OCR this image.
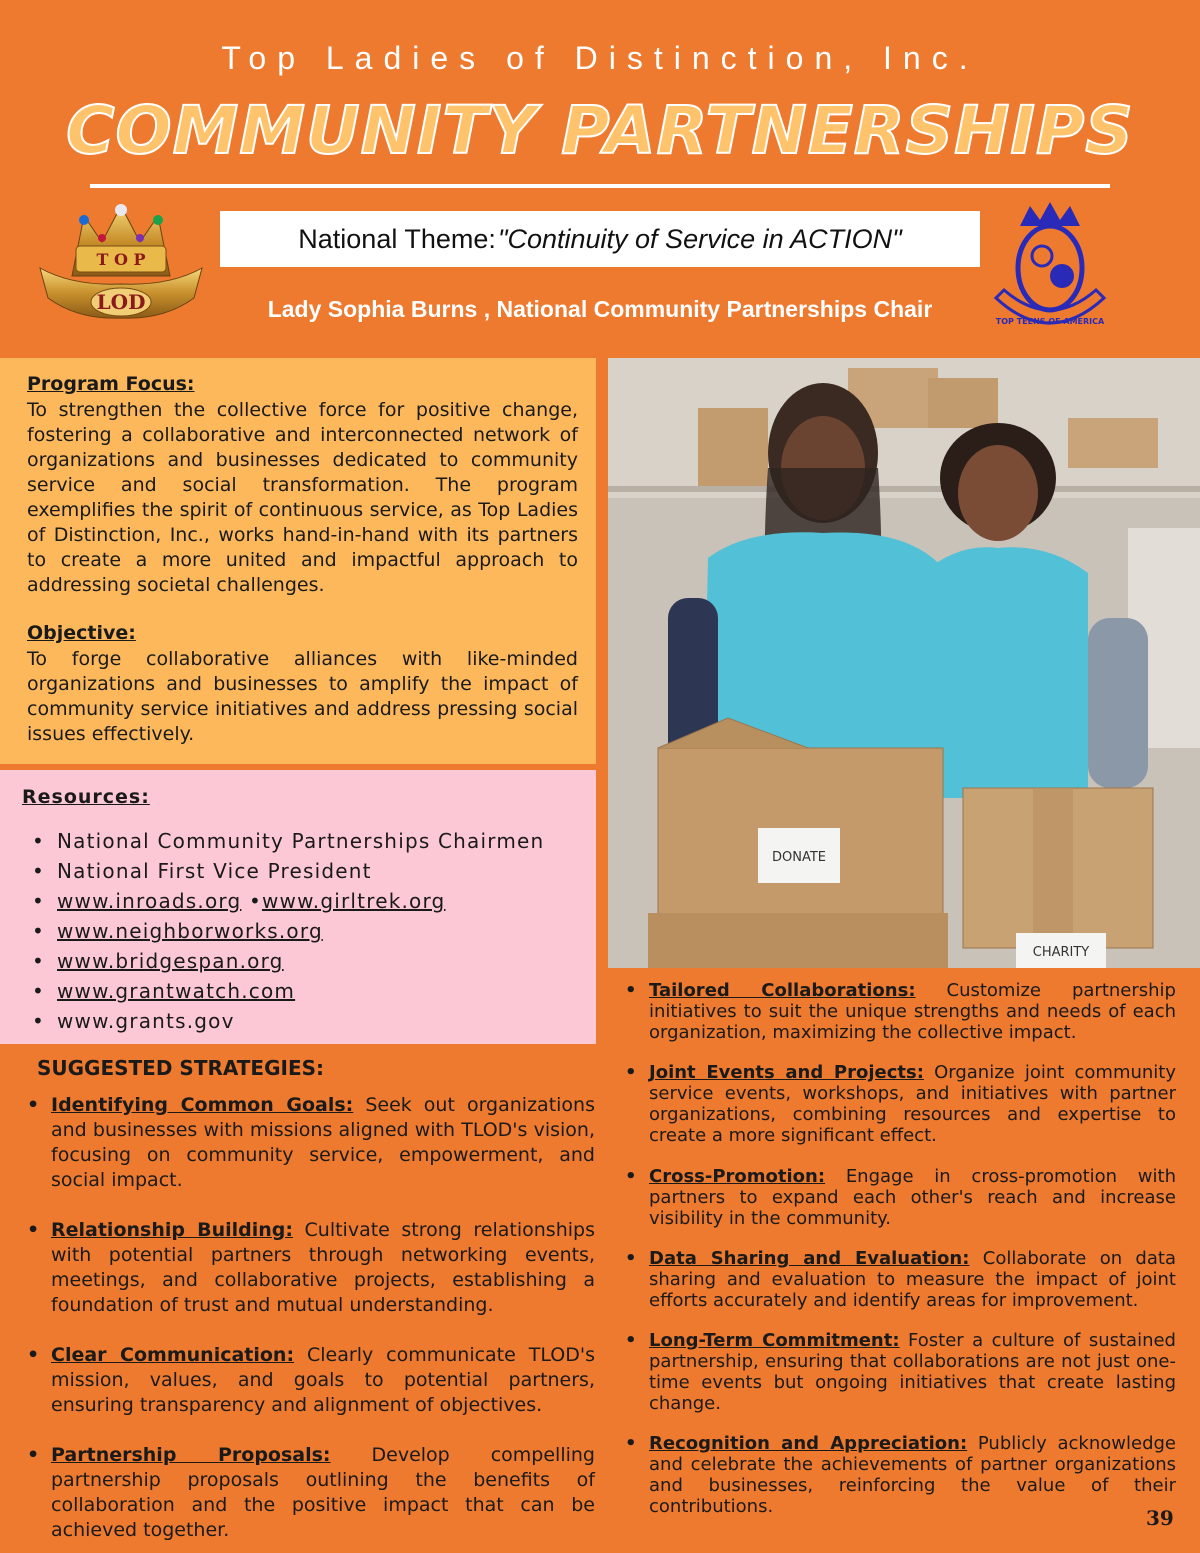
Top Ladies of Distinction, Inc.
COMMUNITY PARTNERSHIPS
T O P
LOD
National Theme: "Continuity of Service in ACTION"
Lady Sophia Burns , National Community Partnerships Chair	TOP TEENS OF AMERICA
Program Focus:
To strengthen the collective force for positive change, fostering a collaborative and interconnected network of organizations and businesses dedicated to community service and social transformation. The program exemplifies the spirit of continuous service, as Top Ladies of Distinction, Inc., works hand-in-hand with its partners to create a more united and impactful approach to addressing societal challenges.
Objective:
To forge collaborative alliances with like-minded organizations and businesses to amplify the impact of community service initiatives and address pressing social issues effectively.
Resources:
• National Community Partnerships Chairmen
• National First Vice President
• www.inroads.org •www.girltrek.org
• www.neighborworks.org
• www.bridgespan.org
• www.grantwatch.com
• www.grants.gov
DONATE
CHARITY
SUGGESTED STRATEGIES:
• Identifying Common Goals: Seek out organizations and businesses with missions aligned with TLOD's vision, focusing on community service, empowerment, and social impact.
• Relationship Building: Cultivate strong relationships with potential partners through networking events, meetings, and collaborative projects, establishing a foundation of trust and mutual understanding.
• Clear Communication: Clearly communicate TLOD's mission, values, and goals to potential partners, ensuring transparency and alignment of objectives.
• Partnership Proposals: Develop compelling partnership proposals outlining the benefits of collaboration and the positive impact that can be achieved together.
• Tailored Collaborations: Customize partnership initiatives to suit the unique strengths and needs of each organization, maximizing the collective impact.
• Joint Events and Projects: Organize joint community service events, workshops, and initiatives with partner organizations, combining resources and expertise to create a more significant effect.
• Cross-Promotion: Engage in cross-promotion with partners to expand each other's reach and increase visibility in the community.
• Data Sharing and Evaluation: Collaborate on data sharing and evaluation to measure the impact of joint efforts accurately and identify areas for improvement.
• Long-Term Commitment: Foster a culture of sustained partnership, ensuring that collaborations are not just one-time events but ongoing initiatives that create lasting change.
• Recognition and Appreciation: Publicly acknowledge and celebrate the achievements of partner organizations and businesses, reinforcing the value of their contributions.	39
